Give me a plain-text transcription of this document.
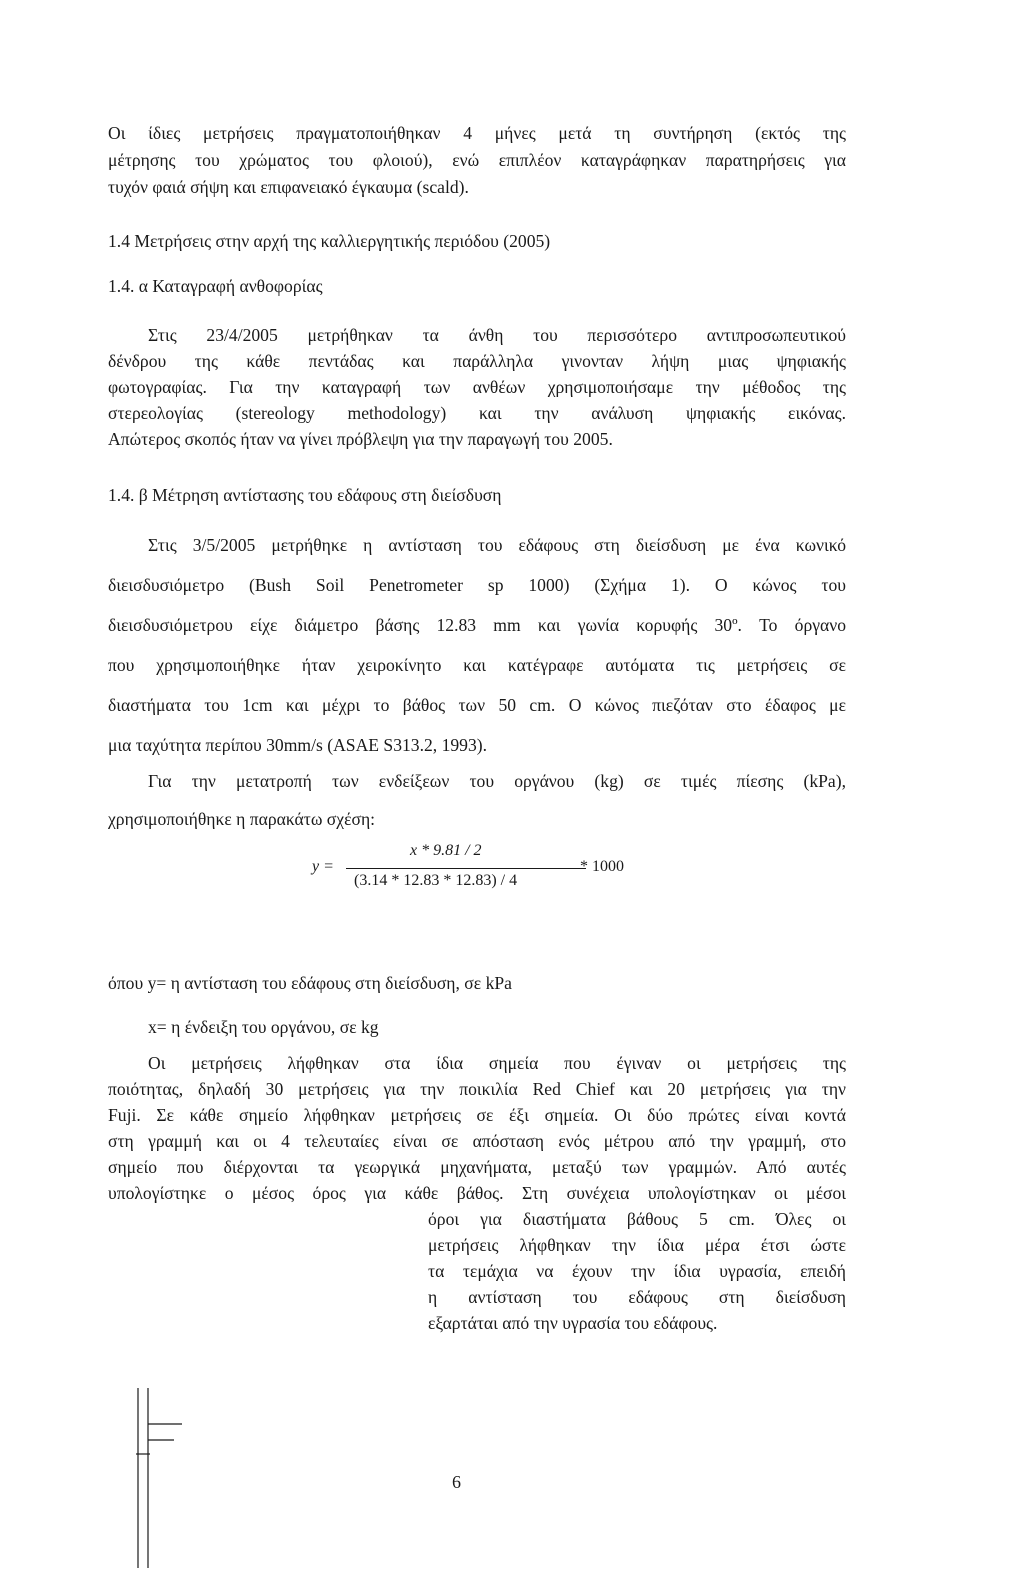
Οι ίδιες μετρήσεις πραγματοποιήθηκαν 4 μήνες μετά τη συντήρηση (εκτός της

μέτρησης του χρώματος του φλοιού), ενώ επιπλέον καταγράφηκαν παρατηρήσεις για

τυχόν φαιά σήψη και επιφανειακό έγκαυμα (scald).

1.4 Μετρήσεις στην αρχή της καλλιεργητικής περιόδου (2005)

1.4. α Καταγραφή ανθοφορίας

Στις 23/4/2005 μετρήθηκαν τα άνθη του περισσότερο αντιπροσωπευτικού

δένδρου της κάθε πεντάδας και παράλληλα γινονταν λήψη μιας ψηφιακής

φωτογραφίας. Για την καταγραφή των ανθέων χρησιμοποιήσαμε την μέθοδος της

στερεολογίας (stereology methodology) και την ανάλυση ψηφιακής εικόνας.

Απώτερος σκοπός ήταν να γίνει πρόβλεψη για την παραγωγή του 2005.

1.4. β Μέτρηση αντίστασης του εδάφους στη διείσδυση

Στις 3/5/2005 μετρήθηκε η αντίσταση του εδάφους στη διείσδυση με ένα κωνικό

διεισδυσιόμετρο (Bush Soil Penetrometer sp 1000) (Σχήμα 1). Ο κώνος του

διεισδυσιόμετρου είχε διάμετρο βάσης 12.83 mm και γωνία κορυφής 30º. Το όργανο

που χρησιμοποιήθηκε ήταν χειροκίνητο και κατέγραφε αυτόματα τις μετρήσεις σε

διαστήματα του 1cm και μέχρι το βάθος των 50 cm. Ο κώνος πιεζόταν στο έδαφος με

μια ταχύτητα περίπου 30mm/s (ASAE S313.2, 1993).

Για την μετατροπή των ενδείξεων του οργάνου (kg) σε τιμές πίεσης (kPa),

χρησιμοποιήθηκε η παρακάτω σχέση:

y =
x * 9.81 / 2
(3.14 * 12.83 * 12.83) / 4
* 1000

όπου y= η αντίσταση του εδάφους στη διείσδυση, σε kPa

x= η ένδειξη του οργάνου, σε kg

Οι μετρήσεις λήφθηκαν στα ίδια σημεία που έγιναν οι μετρήσεις της

ποιότητας, δηλαδή 30 μετρήσεις για την ποικιλία Red Chief και 20 μετρήσεις για την

Fuji. Σε κάθε σημείο λήφθηκαν μετρήσεις σε έξι σημεία. Οι δύο πρώτες είναι κοντά

στη γραμμή και οι 4 τελευταίες είναι σε απόσταση ενός μέτρου από την γραμμή, στο

σημείο που διέρχονται τα γεωργικά μηχανήματα, μεταξύ των γραμμών. Από αυτές

υπολογίστηκε ο μέσος όρος για κάθε βάθος. Στη συνέχεια υπολογίστηκαν οι μέσοι

όροι για διαστήματα βάθους 5 cm. Όλες οι

μετρήσεις λήφθηκαν την ίδια μέρα έτσι ώστε

τα τεμάχια να έχουν την ίδια υγρασία, επειδή

η αντίσταση του εδάφους στη διείσδυση

εξαρτάται από την υγρασία του εδάφους.

6
